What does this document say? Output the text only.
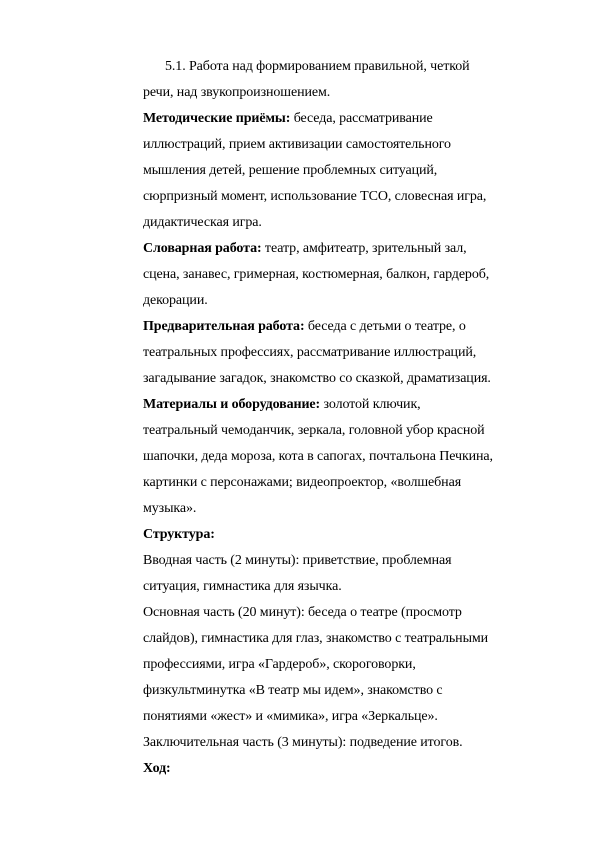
5.1. Работа над формированием правильной, четкой
речи, над звукопроизношением.
Методические приёмы: беседа, рассматривание
иллюстраций, прием активизации самостоятельного
мышления детей, решение проблемных ситуаций,
сюрпризный момент, использование ТСО, словесная игра,
дидактическая игра.
Словарная работа: театр, амфитеатр, зрительный зал,
сцена, занавес, гримерная, костюмерная, балкон, гардероб,
декорации.
Предварительная работа: беседа с детьми о театре, о
театральных профессиях, рассматривание иллюстраций,
загадывание загадок, знакомство со сказкой, драматизация.
Материалы и оборудование: золотой ключик,
театральный чемоданчик, зеркала, головной убор красной
шапочки, деда мороза, кота в сапогах, почтальона Печкина,
картинки с персонажами; видеопроектор, «волшебная
музыка».
Структура:
Вводная часть (2 минуты): приветствие, проблемная
ситуация, гимнастика для язычка.
Основная часть (20 минут): беседа о театре (просмотр
слайдов), гимнастика для глаз, знакомство с театральными
профессиями, игра «Гардероб», скороговорки,
физкультминутка «В театр мы идем», знакомство с
понятиями «жест» и «мимика», игра «Зеркальце».
Заключительная часть (3 минуты): подведение итогов.
Ход:
